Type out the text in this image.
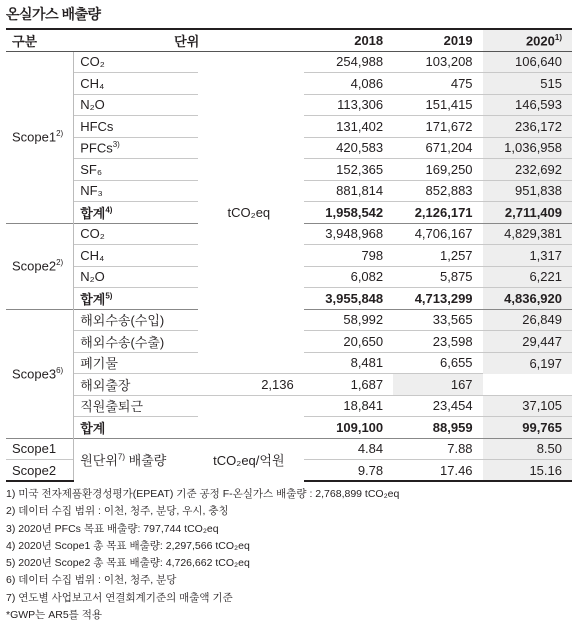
온실가스 배출량
구분	단위		2018	2019	2020$^{1)}$
Scope1$^{2)}$	CO₂	tCO₂eq	254,988	103,208	106,640
	CH₄		4,086	475	515
	N₂O		113,306	151,415	146,593
	HFCs		131,402	171,672	236,172
	PFCs$^{3)}$		420,583	671,204	1,036,958
	SF₆		152,365	169,250	232,692
	NF₃		881,814	852,883	951,838
	합계$^{4)}$		1,958,542	2,126,171	2,711,409
Scope2$^{2)}$	CO₂		3,948,968	4,706,167	4,829,381
	CH₄		798	1,257	1,317
	N₂O		6,082	5,875	6,221
	합계$^{5)}$		3,955,848	4,713,299	4,836,920
Scope3$^{6)}$	해외수송(수입)		58,992	33,565	26,849
	해외수송(수출)		20,650	23,598	29,447
	폐기물		8,481	6,655	6,197
	해외출장	2,136	1,687	167	
	직원출퇴근		18,841	23,454	37,105
	합계		109,100	88,959	99,765
Scope1	원단위$^{7)}$ 배출량	tCO₂eq/억원	4.84	7.88	8.50
Scope2			9.78	17.46	15.16
1) 미국 전자제품환경성평가(EPEAT) 기준 공정 F-온실가스 배출량 : 2,768,899 tCO₂eq
2) 데이터 수집 범위 : 이천, 청주, 분당, 우시, 충칭
3) 2020년 PFCs 목표 배출량: 797,744 tCO₂eq
4) 2020년 Scope1 총 목표 배출량: 2,297,566 tCO₂eq
5) 2020년 Scope2 총 목표 배출량: 4,726,662 tCO₂eq
6) 데이터 수집 범위 : 이천, 청주, 분당
7) 연도별 사업보고서 연결회계기준의 매출액 기준
*GWP는 AR5를 적용
